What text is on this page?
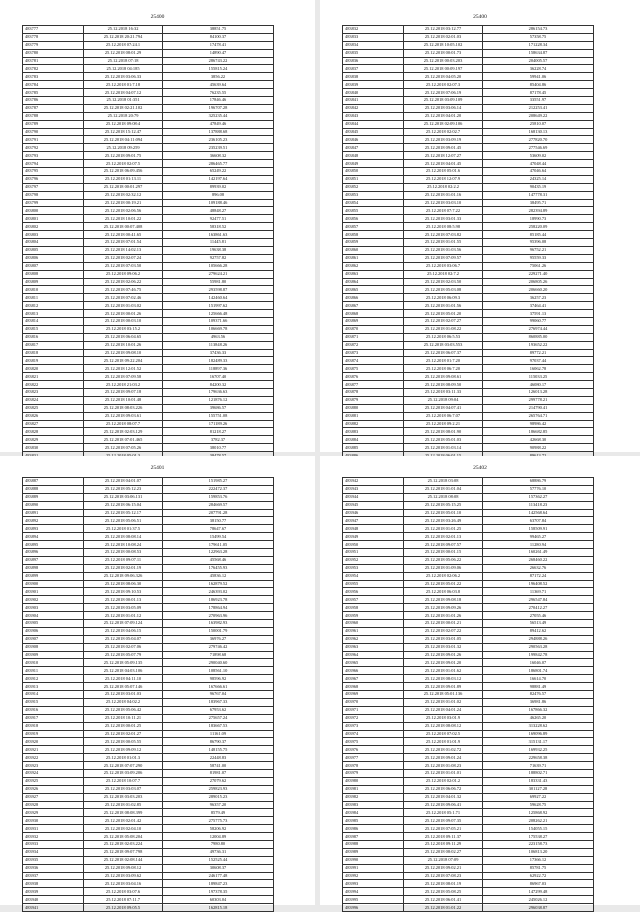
25400
483777	25.12.2018 16:32	38851.75
483778	25.12.2018 20:21.794	84100.37
483779	25.12.2018 07:24.1	17478.41
483780	25.12.2018 08:01.29	14890.47
483781	25.12.2018 07:18	286743.22
483782	25.12.2018 04:185	155815.24
483783	25.12.2018 03:06.33	3856.22
483784	25.12.2018 01:7.18	45639.64
483785	25.12.2018 04:07.12	76235.55
483786	25.12.2018 01:351	17846.46
483787	25.12.2018 02:21.102	196707.28
483788	25.12.2018 20:79	325235.44
483789	25.12.2018 09:08:4	47849.46
483790	25.12.2018 15:12.47	137888.68
483791	25.12.2018 04:11:094	236105.23
483792	25.12.2018 09:259	235239.51
483793	25.12.2018 09:01.75	36608.32
483794	25.12.2018 02:07.5	286465.77
483795	25.12.2018 06:09.456	65249.22
483796	25.12.2018 01:13.11	142197.64
483797	25.12.2018 00:01.297	89939.02
483798	25.12.2018 02:32.12	896.08
483799	25.12.2018 00:19.21	109188.46
483800	25.12.2018 02:06.56	48848.27
483801	25.12.2018 10:01.22	92477.51
483802	25.12.2018 00:07.408	58318.52
483803	25.12.2018 00:41.65	163861.63
483804	25.12.2018 07:01.54	11445.81
483805	25.12.2018 14:02.13	19638.38
483806	25.12.2018 02:07.24	92757.82
483807	25.12.2018 07:03.50	105666.28
483808	25.12.2018 09:06.2	279624.21
483809	25.12.2018 02:06.22	55981.80
483810	25.12.2018 07:46.75	293598.87
483811	25.12.2018 07:02.46	142460.64
483812	25.12.2018 01:03.02	151997.62
483813	25.12.2018 00:01.26	125666.48
483814	25.12.2018 00:03.10	109371.66
483815	25.12.2018 03:15.2	106669.78
483816	25.12.2018 06:04.65	4963.56
483817	25.12.2018 10:01.26	113848.26
483818	25.12.2018 09:08.10	37436.33
483819	25.12.2018 09:22.204	182489.33
483820	25.12.2018 12:01.52	118897.36
483821	25.12.2018 07:09.58	16707.40
483822	25.12.2018 21:03.2	84200.32
483823	25.12.2018 09:07.18	179636.63
483824	25.12.2018 10:01.48	121876.12
483825	25.12.2018 08:03.226	39686.57
483826	25.12.2018 09:03.61	155751.08
483827	25.12.2018 08:07.7	171189.26
483828	25.12.2018 02:03.129	81218.27
483829	25.12.2018 07:01.465	3782.37
483830	25.12.2018 07:05.26	38010.77

25400
483832	25.12.2018 03:12.77	286154.73
483833	25.12.2018 02:01.03	57358.75
483834	25.12.2018 10:05.102	171228.34
483835	25.12.2018 00:01.73	158634.87
483836	25.12.2018 00:03.203	204005.57
483837	25.12.2018 00:09.197	36228.74
483838	25.12.2018 04:05.20	59941.06
483839	25.12.2018 02:07.3	85404.86
483840	25.12.2018 07:06.19	87178.45
483841	25.12.2018 03:09.109	33551.97
483842	25.12.2018 03:06.14	212253.41
483843	25.12.2018 04:01.20	208649.22
483844	25.12.2018 02:09.106	25810.07
483845	25.12.2018 02:02.7	168130.13
483846	25.12.2018 03:09.19	277820.70
483847	25.12.2018 09:01.45	277546.69
483848	25.12.2018 12:07.27	53609.02
483849	25.12.2018 04:01.45	47048.44
483850	25.12.2018 05:01.6	47046.64
483851	25.12.2018 12:07.9	24325.14
483852	25.12.2018 02:2.2	90435.19
483853	25.12.2018 01:01.16	147778.31
483854	25.12.2018 03:03.10	38495.71
483855	25.12.2018 07:7.22	282394.89
483856	25.12.2018 03:01.33	18990.73
483857	25.12.2018 08:5.98	258220.09
483858	25.12.2018 07:03.82	85185.44
483859	25.12.2018 01:01.55	95396.08
483860	25.12.2018 01:03.56	96752.21
483861	25.12.2018 07:09.57	95559.33
483862	25.12.2018 03:06.7	75061.26
483863	25.12.2018 02:7.2	229271.40
483864	25.12.2018 02:03.50	206805.26
483865	25.12.2018 05:03.08	206660.20
483866	25.12.2018 06:09.3	36257.23
483867	25.12.2018 01:01.56	37464.41
483868	25.12.2018 05:01.20	37591.13
483869	25.12.2018 02:07.27	99060.77
483870	25.12.2018 01:08.22	276974.44
483871	25.12.2018 06:5.53	860885.00
483872	25.12.2018 03:03.553	193652.22
483873	25.12.2018 06:07.37	89772.21
483874	25.12.2018 01:7.20	97037.44
483875	25.12.2018 06:7.20	16062.78
483876	25.12.2018 09:08.61	115033.25
483877	25.12.2018 08:09.50	46080.17
483878	25.12.2018 03:11.33	126013.28
483879	25.12.2018 09:04	299778.21
483880	25.12.2018 04:07.41	214790.41
483881	25.12.2018 06:7.07	265764.71
483882	25.12.2018 09:2.21	98986.42
483883	25.12.2018 08:01.90	186682.85
483884	25.12.2018 05:01.03	42668.30
483885	25.12.2018 01:03.14	90988.22

25401
483887	25.12.2018 04:01.07	151985.27
483888	25.12.2018 05:12.23	222472.37
483889	25.12.2018 03:06.131	159853.76
483890	25.12.2018 06:15.04	284669.57
483891	25.12.2018 05:12.17	207791.28
483892	25.12.2018 05:06.51	38150.77
483893	25.12.2018 01:37.5	78647.67
483894	25.12.2018 08:08.14	15499.54
483895	25.12.2018 10:08.24	179611.05
483896	25.12.2018 00:08.53	122963.28
483897	25.12.2018 09:07.11	45568.46
483898	25.12.2018 02:01.19	176455.93
483899	25.12.2018 09:06.326	45836.12
483900	25.12.2018 08:06.30	162879.52
483901	25.12.2018 09:10.53	246393.02
483902	25.12.2018 00:01.13	186923.78
483903	25.12.2018 03:05.09	178864.94
483904	25.12.2018 01:01.12	270963.96
483905	25.12.2018 07:09.124	163982.93
483906	25.12.2018 04:06.15	150001.79
483907	25.12.2018 05:04.07	36976.27
483908	25.12.2018 02:07.06	279746.42
483909	25.12.2018 05:07.79	71898.68
483910	25.12.2018 05:09.135	290040.60
483911	25.12.2018 04:03.106	108561.10
483912	25.12.2018 04:11.10	98596.92
483913	25.12.2018 05:07.146	167666.61
483914	25.12.2018 03:01.03	96767.04
483915	25.12.2018 04:02.2	183967.33
483916	25.12.2018 05:06.42	67953.62
483917	25.12.2018 10:11.21	275657.24
483918	25.12.2018 00:01.25	183667.53
483919	25.12.2018 02:01.27	11161.09
483920	25.12.2018 00:05.55	86790.37
483921	25.12.2018 09:09.12	148155.75
483922	25.12.2018 01:01.3	22448.83
483923	25.12.2018 07:07.290	58741.00
483924	25.12.2018 03:09.206	81981.07
483925	25.12.2018 10:07.7	27079.62
483926	25.12.2018 03:03.07	259823.93
483927	25.12.2018 03:03.203	289015.23
483928	25.12.2018 01:02.85	96357.20
483929	25.12.2018 08:08.399	8579.49
483930	25.12.2018 02:01.42	275775.73
483931	25.12.2018 02:04.10	58206.92
483932	25.12.2018 05:08.204	12004.89
483933	25.12.2018 02:03.224	7980.80
483934	25.12.2018 09:07.798	49736.31
483935	25.12.2018 02:08.144	152525.44
483936	25.12.2018 09:08.12	30608.37
483937	25.12.2018 03:09.62	246177.48
483938	25.12.2018 03:04.16	189847.23
483939	25.12.2018 03:07.6	197378.35
483940	25.12.2018 07:11.7	60303.04
483941	25.12.2018 09:05.5	162815.18
25402
483942	25.12.2018 03:08	68886.79
483943	25.12.2018 01:01.04	57776.10
483944	25.12.2018 08:08	157362.27
483945	25.12.2018 05:15.25	113418.23
483946	25.12.2018 05:01.10	142568.64
483947	25.12.2018 03:26.49	63707.84
483948	25.12.2018 01:01.25	158509.91
483949	25.12.2018 02:01.13	99465.27
483950	25.12.2018 09:07.57	11280.94
483951	25.12.2018 00:01.15	160261.49
483952	25.12.2018 05:06.22	268460.22
483953	25.12.2018 01:09.06	26632.76
483954	25.12.2018 02:06.2	87172.24
483955	25.12.2018 05:01.22	196408.52
483956	25.12.2018 06:03.8	11369.71
483957	25.12.2018 09:08.18	296547.84
483958	25.12.2018 09:09.26	270412.27
483959	25.12.2018 01:01.26	27055.46
483960	25.12.2018 00:01.21	56513.49
483961	25.12.2018 02:07.22	89412.62
483962	25.12.2018 03:01.05	294888.26
483963	25.12.2018 03:01.32	290563.28
483964	25.12.2018 09:01.26	199842.78
483965	25.12.2018 09:01.20	16046.07
483966	25.12.2018 01:01.62	186801.74
483967	25.12.2018 08:03.12	16614.70
483968	25.12.2018 09:01.89	98881.49
483969	25.12.2018 05:01.136	82476.57
483970	25.12.2018 01:01.02	36981.86
483971	25.12.2018 04:01.24	167866.32
483972	25.12.2018 03:01.9	46265.20
483973	25.12.2018 08:08.12	313228.62
483974	25.12.2018 07:02.5	169096.89
483975	25.12.2018 01:01.9	315131.17
483976	25.12.2018 01:02.72	169932.25
483977	25.12.2018 09:01.24	229658.38
483978	25.12.2018 01:08.23	71639.71
483979	25.12.2018 01:01.01	188802.71
483980	25.12.2018 02:01.2	183331.43
483981	25.12.2018 06:06.72	301127.28
483982	25.12.2018 04:01.32	69927.22
483983	25.12.2018 09:06.41	59628.75
483984	25.12.2018 05:1.71	125868.92
483985	25.12.2018 09:07.35	208262.21
483986	25.12.2018 07:05.21	154055.15
483987	25.12.2018 09:11.37	175538.27
483988	25.12.2018 09:11.29	223158.73
483989	25.12.2018 08:02.27	106813.20
483990	25.12.2018 07:09	17366.12
483991	25.12.2018 09:02.21	85781.75
483992	25.12.2018 07:08.23	62922.72
483993	25.12.2018 08:01.19	86967.03
483994	25.12.2018 05:08.25	147299.48
483995	25.12.2018 06:01.41	245026.12
483996	25.12.2018 01:01.22	296038.87
